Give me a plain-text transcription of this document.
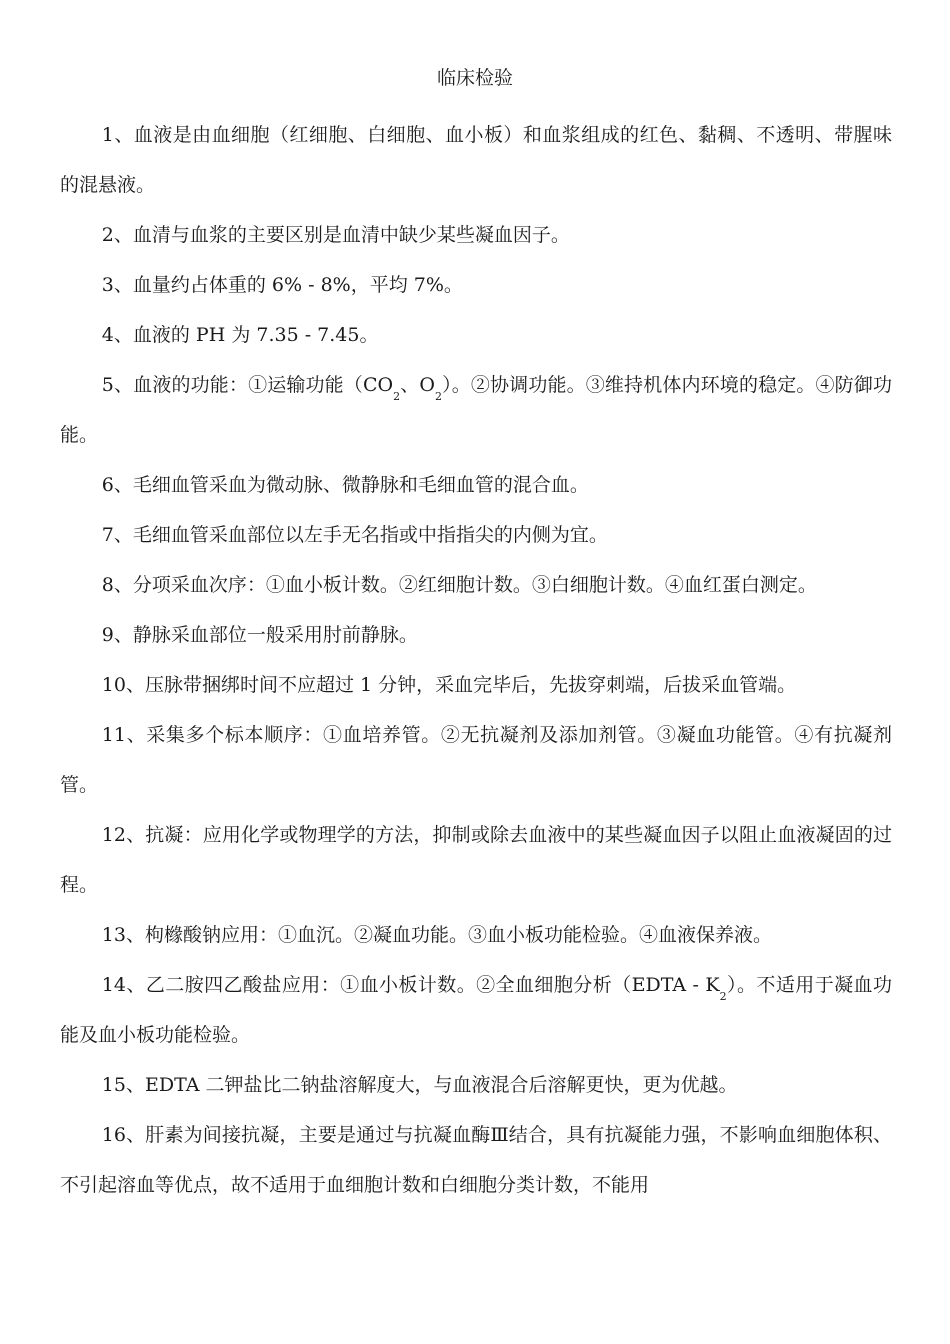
临床检验

1、血液是由血细胞（红细胞、白细胞、血小板）和血浆组成的红色、黏稠、不透明、带腥味的混悬液。

2、血清与血浆的主要区别是血清中缺少某些凝血因子。

3、血量约占体重的 6% - 8%，平均 7%。

4、血液的 PH 为 7.35 - 7.45。

5、血液的功能：①运输功能（$CO_2$、$O_2$）。②协调功能。③维持机体内环境的稳定。④防御功能。

6、毛细血管采血为微动脉、微静脉和毛细血管的混合血。

7、毛细血管采血部位以左手无名指或中指指尖的内侧为宜。

8、分项采血次序：①血小板计数。②红细胞计数。③白细胞计数。④血红蛋白测定。

9、静脉采血部位一般采用肘前静脉。

10、压脉带捆绑时间不应超过 1 分钟，采血完毕后，先拔穿刺端，后拔采血管端。

11、采集多个标本顺序：①血培养管。②无抗凝剂及添加剂管。③凝血功能管。④有抗凝剂管。

12、抗凝：应用化学或物理学的方法，抑制或除去血液中的某些凝血因子以阻止血液凝固的过程。

13、枸橼酸钠应用：①血沉。②凝血功能。③血小板功能检验。④血液保养液。

14、乙二胺四乙酸盐应用：①血小板计数。②全血细胞分析（EDTA - $K_2$）。不适用于凝血功能及血小板功能检验。

15、EDTA 二钾盐比二钠盐溶解度大，与血液混合后溶解更快，更为优越。

16、肝素为间接抗凝，主要是通过与抗凝血酶Ⅲ结合，具有抗凝能力强，不影响血细胞体积、不引起溶血等优点，故不适用于血细胞计数和白细胞分类计数，不能用
